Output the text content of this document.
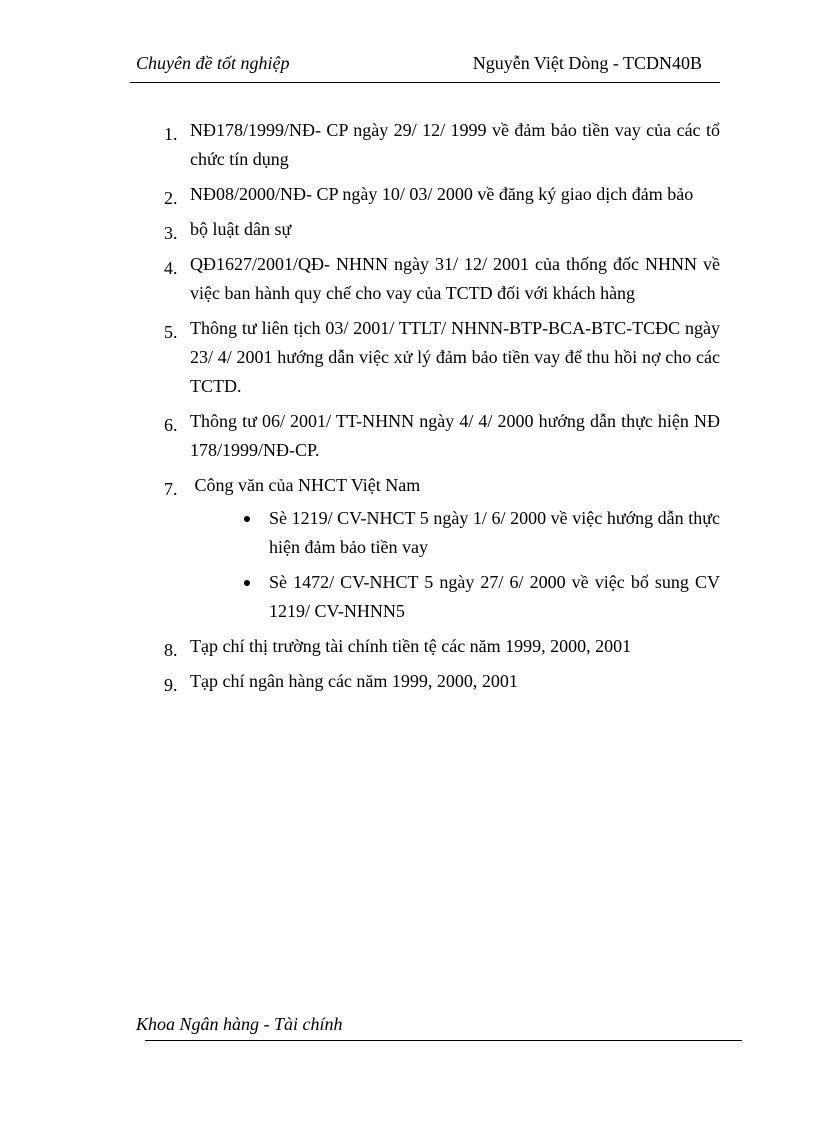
Chuyên đề tốt nghiệp	Nguyễn Việt Dòng - TCDN40B
1. NĐ178/1999/NĐ- CP ngày 29/ 12/ 1999 về đảm bảo tiền vay của các tổ chức tín dụng
2. NĐ08/2000/NĐ- CP ngày 10/ 03/ 2000 về đăng ký giao dịch đảm bảo
3. bộ luật dân sự
4. QĐ1627/2001/QĐ- NHNN ngày 31/ 12/ 2001 của thống đốc NHNN về việc ban hành quy chế cho vay của TCTD đối với khách hàng
5. Thông tư liên tịch 03/ 2001/ TTLT/ NHNN-BTP-BCA-BTC-TCĐC ngày 23/ 4/ 2001 hướng dẫn việc xử lý đảm bảo tiền vay để thu hồi nợ cho các TCTD.
6. Thông tư 06/ 2001/ TT-NHNN ngày 4/ 4/ 2000 hướng dẫn thực hiện NĐ 178/1999/NĐ-CP.
7. Công văn của NHCT Việt Nam
Sè 1219/ CV-NHCT 5 ngày 1/ 6/ 2000 về việc hướng dẫn thực hiện đảm bảo tiền vay
Sè 1472/ CV-NHCT 5 ngày 27/ 6/ 2000 về việc bổ sung CV 1219/ CV-NHNN5
8. Tạp chí thị trường tài chính tiền tệ các năm 1999, 2000, 2001
9. Tạp chí ngân hàng các năm 1999, 2000, 2001
Khoa Ngân hàng - Tài chính
